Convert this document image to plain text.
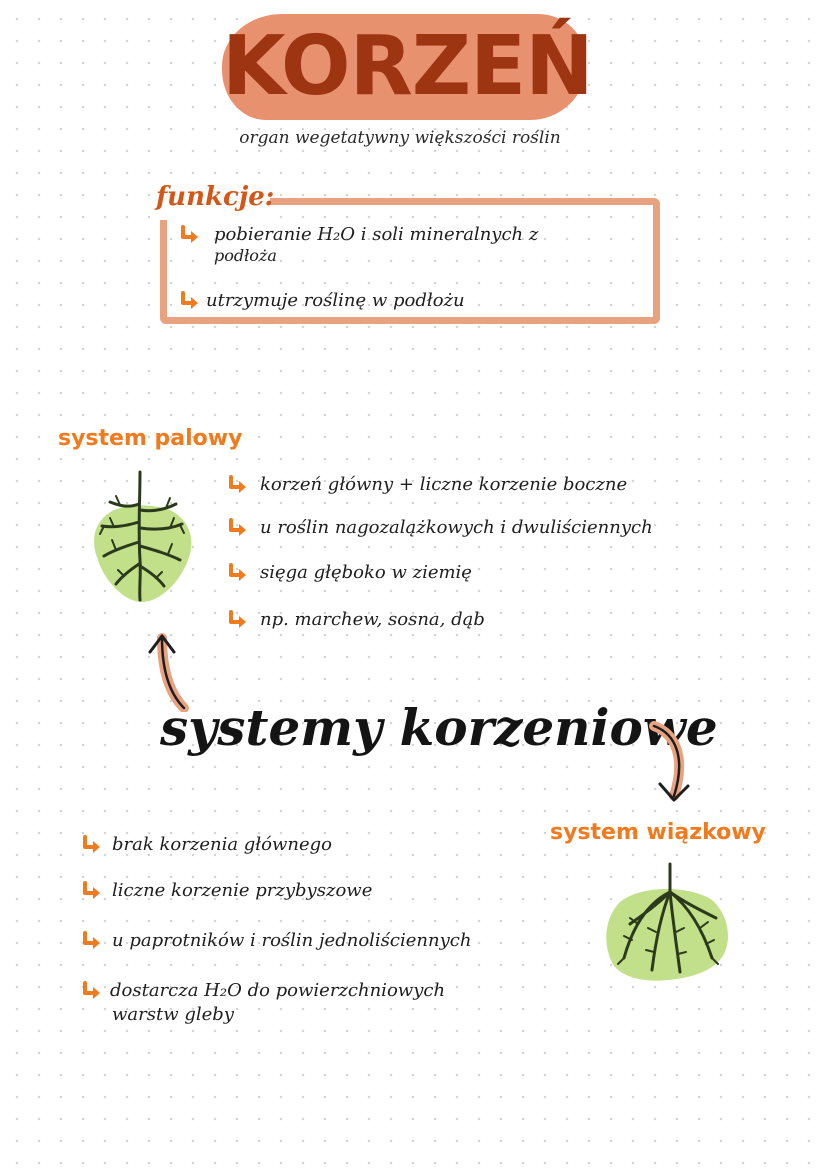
KORZEŃ
organ wegetatywny większości roślin
funkcje:
pobieranie H₂O i soli mineralnych z
podłoża
utrzymuje roślinę w podłożu
system palowy
korzeń główny + liczne korzenie boczne
u roślin nagozalążkowych i dwuliściennych
sięga głęboko w ziemię
np. marchew, sosna, dąb
systemy korzeniowe
system wiązkowy
brak korzenia głównego
liczne korzenie przybyszowe
u paprotników i roślin jednoliściennych
dostarcza H₂O do powierzchniowych
warstw gleby
